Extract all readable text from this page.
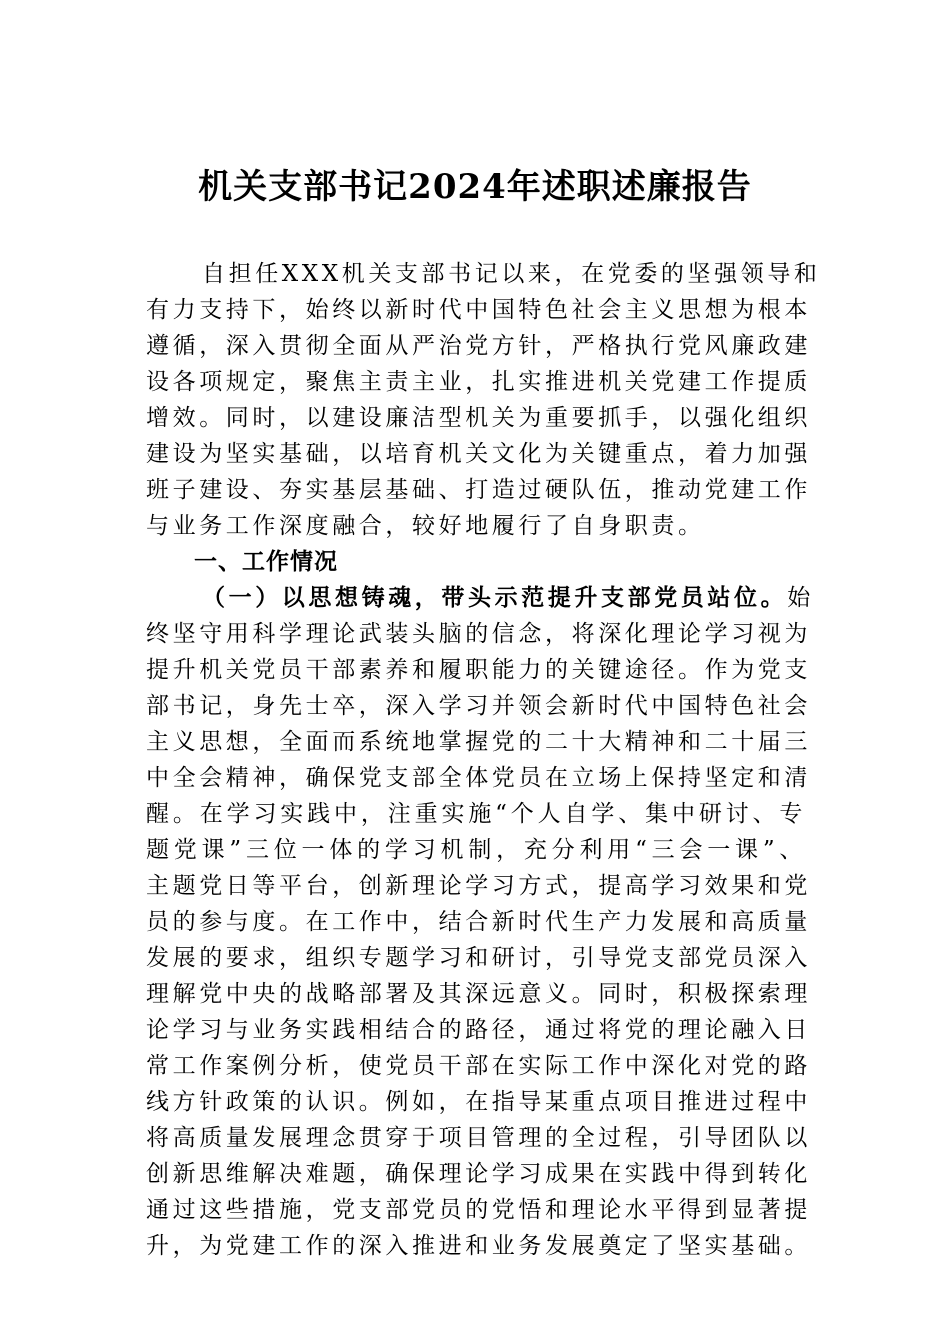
机关支部书记2024年述职述廉报告
自担任XXX机关支部书记以来，在党委的坚强领导和
有力支持下，始终以新时代中国特色社会主义思想为根本
遵循，深入贯彻全面从严治党方针，严格执行党风廉政建
设各项规定，聚焦主责主业，扎实推进机关党建工作提质
增效。同时，以建设廉洁型机关为重要抓手，以强化组织
建设为坚实基础，以培育机关文化为关键重点，着力加强
班子建设、夯实基层基础、打造过硬队伍，推动党建工作
与业务工作深度融合，较好地履行了自身职责。
一、工作情况
（一）以思想铸魂，带头示范提升支部党员站位。始
终坚守用科学理论武装头脑的信念，将深化理论学习视为
提升机关党员干部素养和履职能力的关键途径。作为党支
部书记，身先士卒，深入学习并领会新时代中国特色社会
主义思想，全面而系统地掌握党的二十大精神和二十届三
中全会精神，确保党支部全体党员在立场上保持坚定和清
醒。在学习实践中，注重实施“个人自学、集中研讨、专
题党课”三位一体的学习机制，充分利用“三会一课”、
主题党日等平台，创新理论学习方式，提高学习效果和党
员的参与度。在工作中，结合新时代生产力发展和高质量
发展的要求，组织专题学习和研讨，引导党支部党员深入
理解党中央的战略部署及其深远意义。同时，积极探索理
论学习与业务实践相结合的路径，通过将党的理论融入日
常工作案例分析，使党员干部在实际工作中深化对党的路
线方针政策的认识。例如，在指导某重点项目推进过程中
将高质量发展理念贯穿于项目管理的全过程，引导团队以
创新思维解决难题，确保理论学习成果在实践中得到转化
通过这些措施，党支部党员的党悟和理论水平得到显著提
升，为党建工作的深入推进和业务发展奠定了坚实基础。
